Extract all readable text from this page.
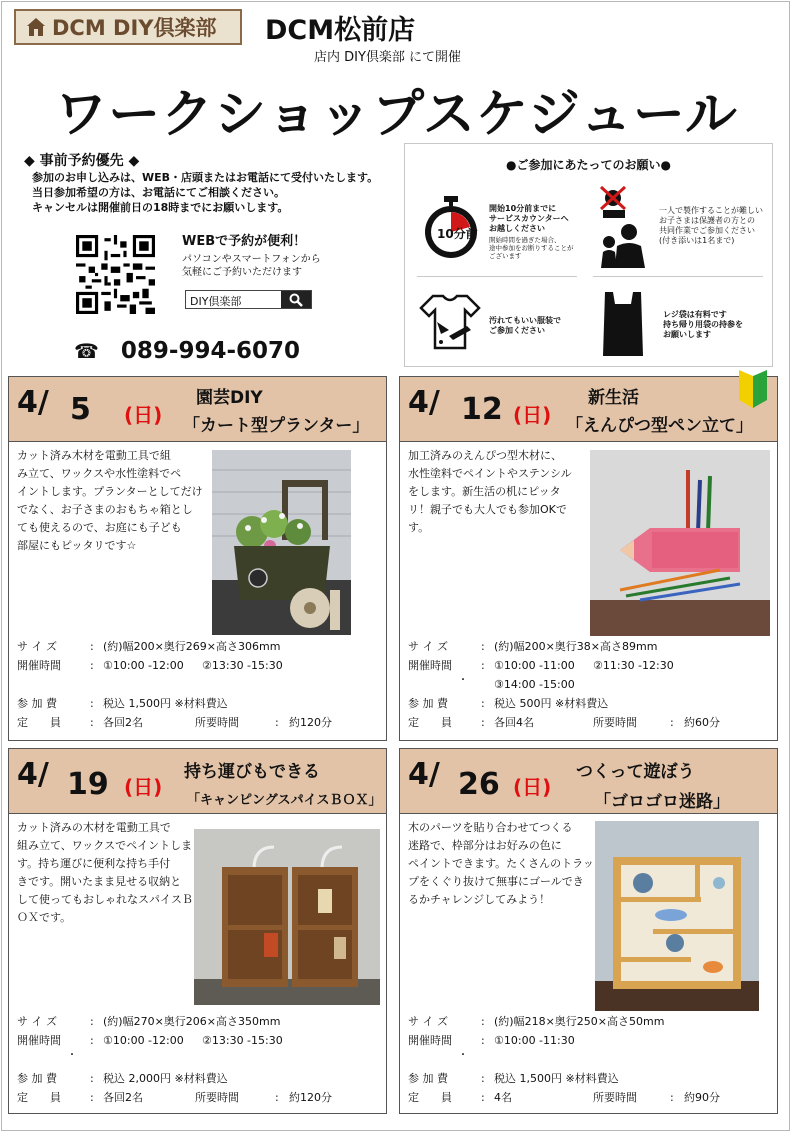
DCM DIY倶楽部 DCM松前店
店内 DIY倶楽部 にて開催
ワークショップスケジュール
◆ 事前予約優先 ◆
参加のお申し込みは、WEB・店頭またはお電話にて受付いたします。
当日参加希望の方は、お電話にてご相談ください。
キャンセルは開催前日の18時までにお願いします。
WEBで予約が便利！
パソコンやスマートフォンから
気軽にご予約いただけます
DIY倶楽部
☎ 089-994-6070
●ご参加にあたってのお願い●
10分前
開始10分前までに
サービスカウンターへ
お越しください
開始時間を過ぎた場合、
途中参加をお断りすることが
ございます
一人で製作することが難しい
お子さまは保護者の方との
共同作業でご参加ください
(付き添いは1名まで)
汚れてもいい服装で
ご参加ください
レジ袋は有料です
持ち帰り用袋の持参を
お願いします
4/ 5 (日)
園芸DIY
「カート型プランター」
カット済み木材を電動工具で組
み立て、ワックスや水性塗料でペ
イントします。プランターとしてだけ
でなく、お子さまのおもちゃ箱とし
ても使えるので、お庭にも子ども
部屋にもピッタリです☆
サ イ ズ	: (約)幅200×奥行269×高さ306mm
開催時間	: ①10:00 -12:00 ②13:30 -15:30
参 加 費	: 税込 1,500円 ※材料費込
定　　員	: 各回2名	所要時間	: 約120分
4/ 12 (日)
新生活
「えんぴつ型ペン立て」
加工済みのえんぴつ型木材に、
水性塗料でペイントやステンシル
をします。新生活の机にピッタ
リ！親子でも大人でも参加OKで
す。
サ イ ズ	: (約)幅200×奥行38×高さ89mm
開催時間	: ①10:00 -11:00 ②11:30 -12:30
・ ③14:00 -15:00
参 加 費	: 税込 500円 ※材料費込
定　　員	: 各回4名	所要時間	: 約60分
4/ 19 (日)
持ち運びもできる
「キャンピングスパイスＢＯＸ」
カット済みの木材を電動工具で
組み立て、ワックスでペイントしま
す。持ち運びに便利な持ち手付
きです。開いたまま見せる収納と
して使ってもおしゃれなスパイスＢ
ＯＸです。
サ イ ズ	: (約)幅270×奥行206×高さ350mm
開催時間	: ①10:00 -12:00 ②13:30 -15:30
・
参 加 費	: 税込 2,000円 ※材料費込
定　　員	: 各回2名	所要時間	: 約120分
4/ 26 (日)
つくって遊ぼう
「ゴロゴロ迷路」
木のパーツを貼り合わせてつくる
迷路で、枠部分はお好みの色に
ペイントできます。たくさんのトラッ
プをくぐり抜けて無事にゴールでき
るかチャレンジしてみよう！
サ イ ズ	: (約)幅218×奥行250×高さ50mm
開催時間	: ①10:00 -11:30
・
参 加 費	: 税込 1,500円 ※材料費込
定　　員	: 4名	所要時間	: 約90分
